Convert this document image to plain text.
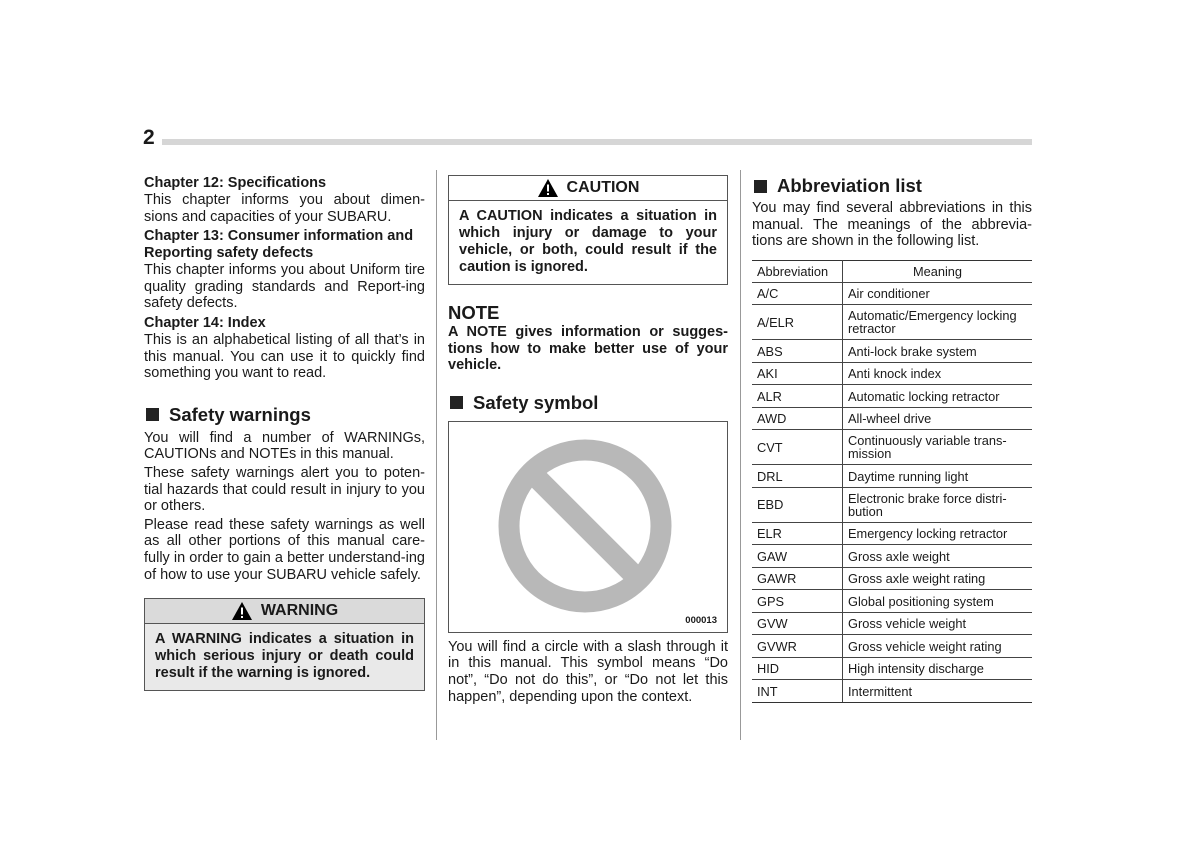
2
Chapter 12: Specifications

This chapter informs you about dimen-sions and capacities of your SUBARU.

Chapter 13: Consumer information and Reporting safety defects

This chapter informs you about Uniform tire quality grading standards and Report-ing safety defects.

Chapter 14: Index

This is an alphabetical listing of all that’s in this manual. You can use it to quickly find something you want to read.

Safety warnings

You will find a number of WARNINGs, CAUTIONs and NOTEs in this manual.

These safety warnings alert you to poten-tial hazards that could result in injury to you or others.

Please read these safety warnings as well as all other portions of this manual care-fully in order to gain a better understand-ing of how to use your SUBARU vehicle safely.

WARNING
A WARNING indicates a situation in which serious injury or death could result if the warning is ignored.
CAUTION
A CAUTION indicates a situation in which injury or damage to your vehicle, or both, could result if the caution is ignored.
NOTE

A NOTE gives information or sugges-tions how to make better use of your vehicle.

Safety symbol
000013

You will find a circle with a slash through it in this manual. This symbol means “Do not”, “Do not do this”, or “Do not let this happen”, depending upon the context.

Abbreviation list

You may find several abbreviations in this manual. The meanings of the abbrevia-tions are shown in the following list.

Abbreviation	Meaning
A/C	Air conditioner
A/ELR	Automatic/Emergency locking retractor
ABS	Anti-lock brake system
AKI	Anti knock index
ALR	Automatic locking retractor
AWD	All-wheel drive
CVT	Continuously variable trans-mission
DRL	Daytime running light
EBD	Electronic brake force distri-bution
ELR	Emergency locking retractor
GAW	Gross axle weight
GAWR	Gross axle weight rating
GPS	Global positioning system
GVW	Gross vehicle weight
GVWR	Gross vehicle weight rating
HID	High intensity discharge
INT	Intermittent
